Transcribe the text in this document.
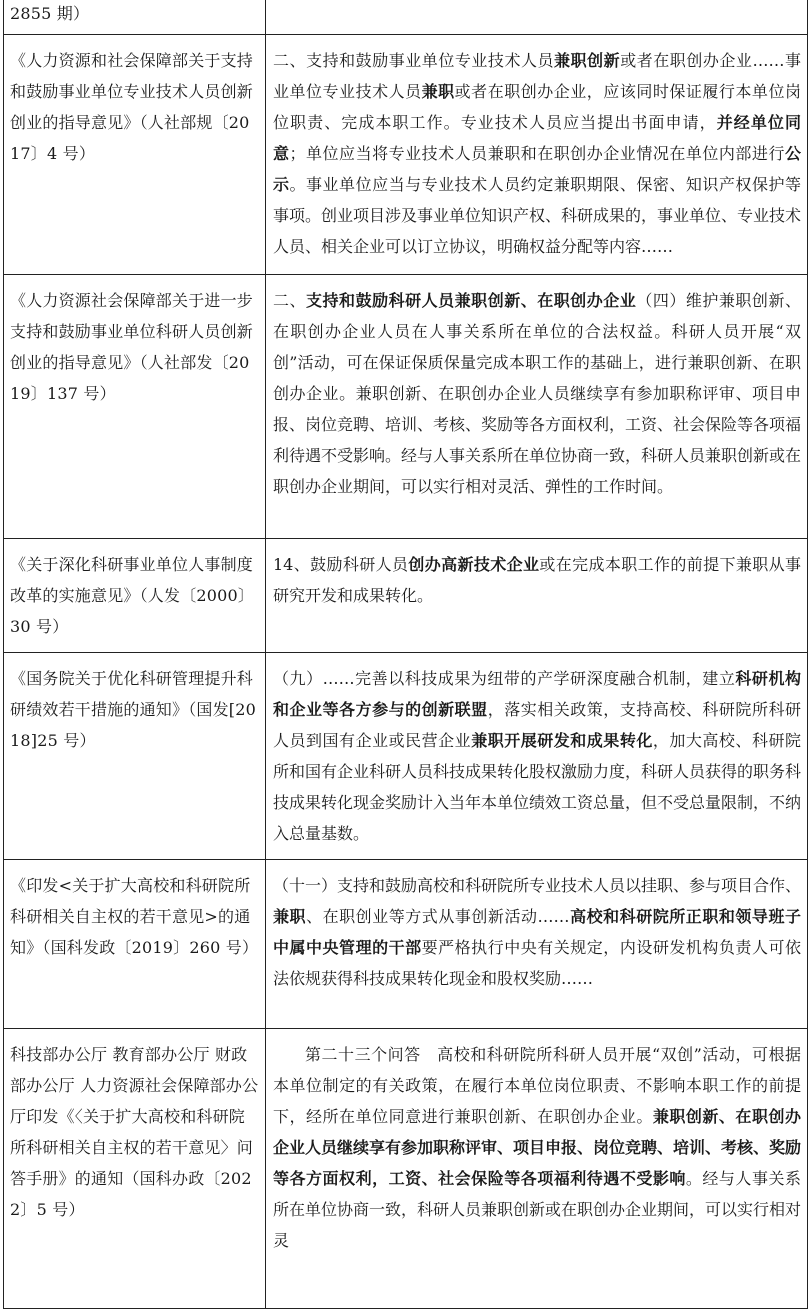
2855 期）	
《人力资源和社会保障部关于支持和鼓励事业单位专业技术人员创新创业的指导意见》（人社部规〔2017〕4 号）	二、支持和鼓励事业单位专业技术人员兼职创新或者在职创办企业……事业单位专业技术人员兼职或者在职创办企业，应该同时保证履行本单位岗位职责、完成本职工作。专业技术人员应当提出书面申请，并经单位同意；单位应当将专业技术人员兼职和在职创办企业情况在单位内部进行公示。事业单位应当与专业技术人员约定兼职期限、保密、知识产权保护等事项。创业项目涉及事业单位知识产权、科研成果的，事业单位、专业技术人员、相关企业可以订立协议，明确权益分配等内容……
《人力资源社会保障部关于进一步支持和鼓励事业单位科研人员创新创业的指导意见》（人社部发〔2019〕137 号）	二、支持和鼓励科研人员兼职创新、在职创办企业（四）维护兼职创新、在职创办企业人员在人事关系所在单位的合法权益。科研人员开展“双创”活动，可在保证保质保量完成本职工作的基础上，进行兼职创新、在职创办企业。兼职创新、在职创办企业人员继续享有参加职称评审、项目申报、岗位竞聘、培训、考核、奖励等各方面权利，工资、社会保险等各项福利待遇不受影响。经与人事关系所在单位协商一致，科研人员兼职创新或在职创办企业期间，可以实行相对灵活、弹性的工作时间。
《关于深化科研事业单位人事制度改革的实施意见》（人发〔2000〕30 号）	14、鼓励科研人员创办高新技术企业或在完成本职工作的前提下兼职从事研究开发和成果转化。
《国务院关于优化科研管理提升科研绩效若干措施的通知》（国发[2018]25 号）	（九）……完善以科技成果为纽带的产学研深度融合机制，建立科研机构和企业等各方参与的创新联盟，落实相关政策，支持高校、科研院所科研人员到国有企业或民营企业兼职开展研发和成果转化，加大高校、科研院所和国有企业科研人员科技成果转化股权激励力度，科研人员获得的职务科技成果转化现金奖励计入当年本单位绩效工资总量，但不受总量限制，不纳入总量基数。
《印发<关于扩大高校和科研院所科研相关自主权的若干意见>的通知》（国科发政〔2019〕260 号）	（十一）支持和鼓励高校和科研院所专业技术人员以挂职、参与项目合作、兼职、在职创业等方式从事创新活动……高校和科研院所正职和领导班子中属中央管理的干部要严格执行中央有关规定，内设研发机构负责人可依法依规获得科技成果转化现金和股权奖励……
科技部办公厅 教育部办公厅 财政部办公厅 人力资源社会保障部办公厅印发《〈关于扩大高校和科研院所科研相关自主权的若干意见〉问答手册》的通知（国科办政〔2022〕5 号）	第二十三个问答　高校和科研院所科研人员开展“双创”活动，可根据本单位制定的有关政策，在履行本单位岗位职责、不影响本职工作的前提下，经所在单位同意进行兼职创新、在职创办企业。兼职创新、在职创办企业人员继续享有参加职称评审、项目申报、岗位竞聘、培训、考核、奖励等各方面权利，工资、社会保险等各项福利待遇不受影响。经与人事关系所在单位协商一致，科研人员兼职创新或在职创办企业期间，可以实行相对灵
